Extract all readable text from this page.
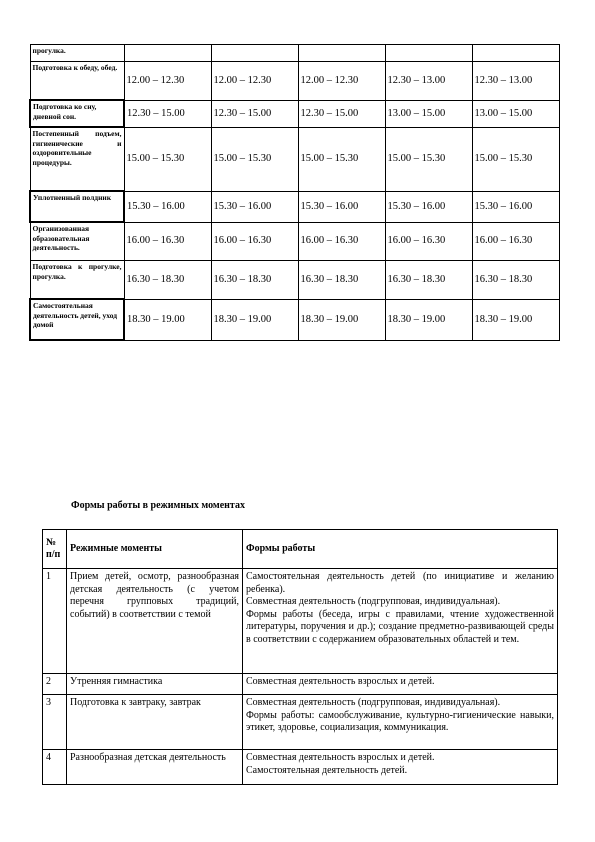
прогулка.					
Подготовка к обеду, обед.	12.00 – 12.30	12.00 – 12.30	12.00 – 12.30	12.30 – 13.00	12.30 – 13.00
Подготовка ко сну, дневной сон.	12.30 – 15.00	12.30 – 15.00	12.30 – 15.00	13.00 – 15.00	13.00 – 15.00
Постепенный подъем, гигиенические и оздоровительные процедуры.	15.00 – 15.30	15.00 – 15.30	15.00 – 15.30	15.00 – 15.30	15.00 – 15.30
Уплотненный полдник	15.30 – 16.00	15.30 – 16.00	15.30 – 16.00	15.30 – 16.00	15.30 – 16.00
Организованная образовательная деятельность.	16.00 – 16.30	16.00 – 16.30	16.00 – 16.30	16.00 – 16.30	16.00 – 16.30
Подготовка к прогулке, прогулка.	16.30 – 18.30	16.30 – 18.30	16.30 – 18.30	16.30 – 18.30	16.30 – 18.30
Самостоятельная деятельность детей, уход домой	18.30 – 19.00	18.30 – 19.00	18.30 – 19.00	18.30 – 19.00	18.30 – 19.00
Формы работы в режимных моментах
№ п/п	Режимные моменты	Формы работы
1	Прием детей, осмотр, разнообразная детская деятельность (с учетом перечня групповых традиций, событий) в соответствии с темой	Самостоятельная деятельность детей (по инициативе и желанию ребенка).
Совместная деятельность (подгрупповая, индивидуальная).
Формы работы (беседа, игры с правилами, чтение художественной литературы, поручения и др.); создание предметно-развивающей среды в соответствии с содержанием образовательных областей и тем.

2	Утренняя гимнастика	Совместная деятельность взрослых и детей.

3	Подготовка к завтраку, завтрак	Совместная деятельность (подгрупповая, индивидуальная).
Формы работы: самообслуживание, культурно-гигиенические навыки, этикет, здоровье, социализация, коммуникация.

4	Разнообразная детская деятельность	Совместная деятельность взрослых и детей.
Самостоятельная деятельность детей.
